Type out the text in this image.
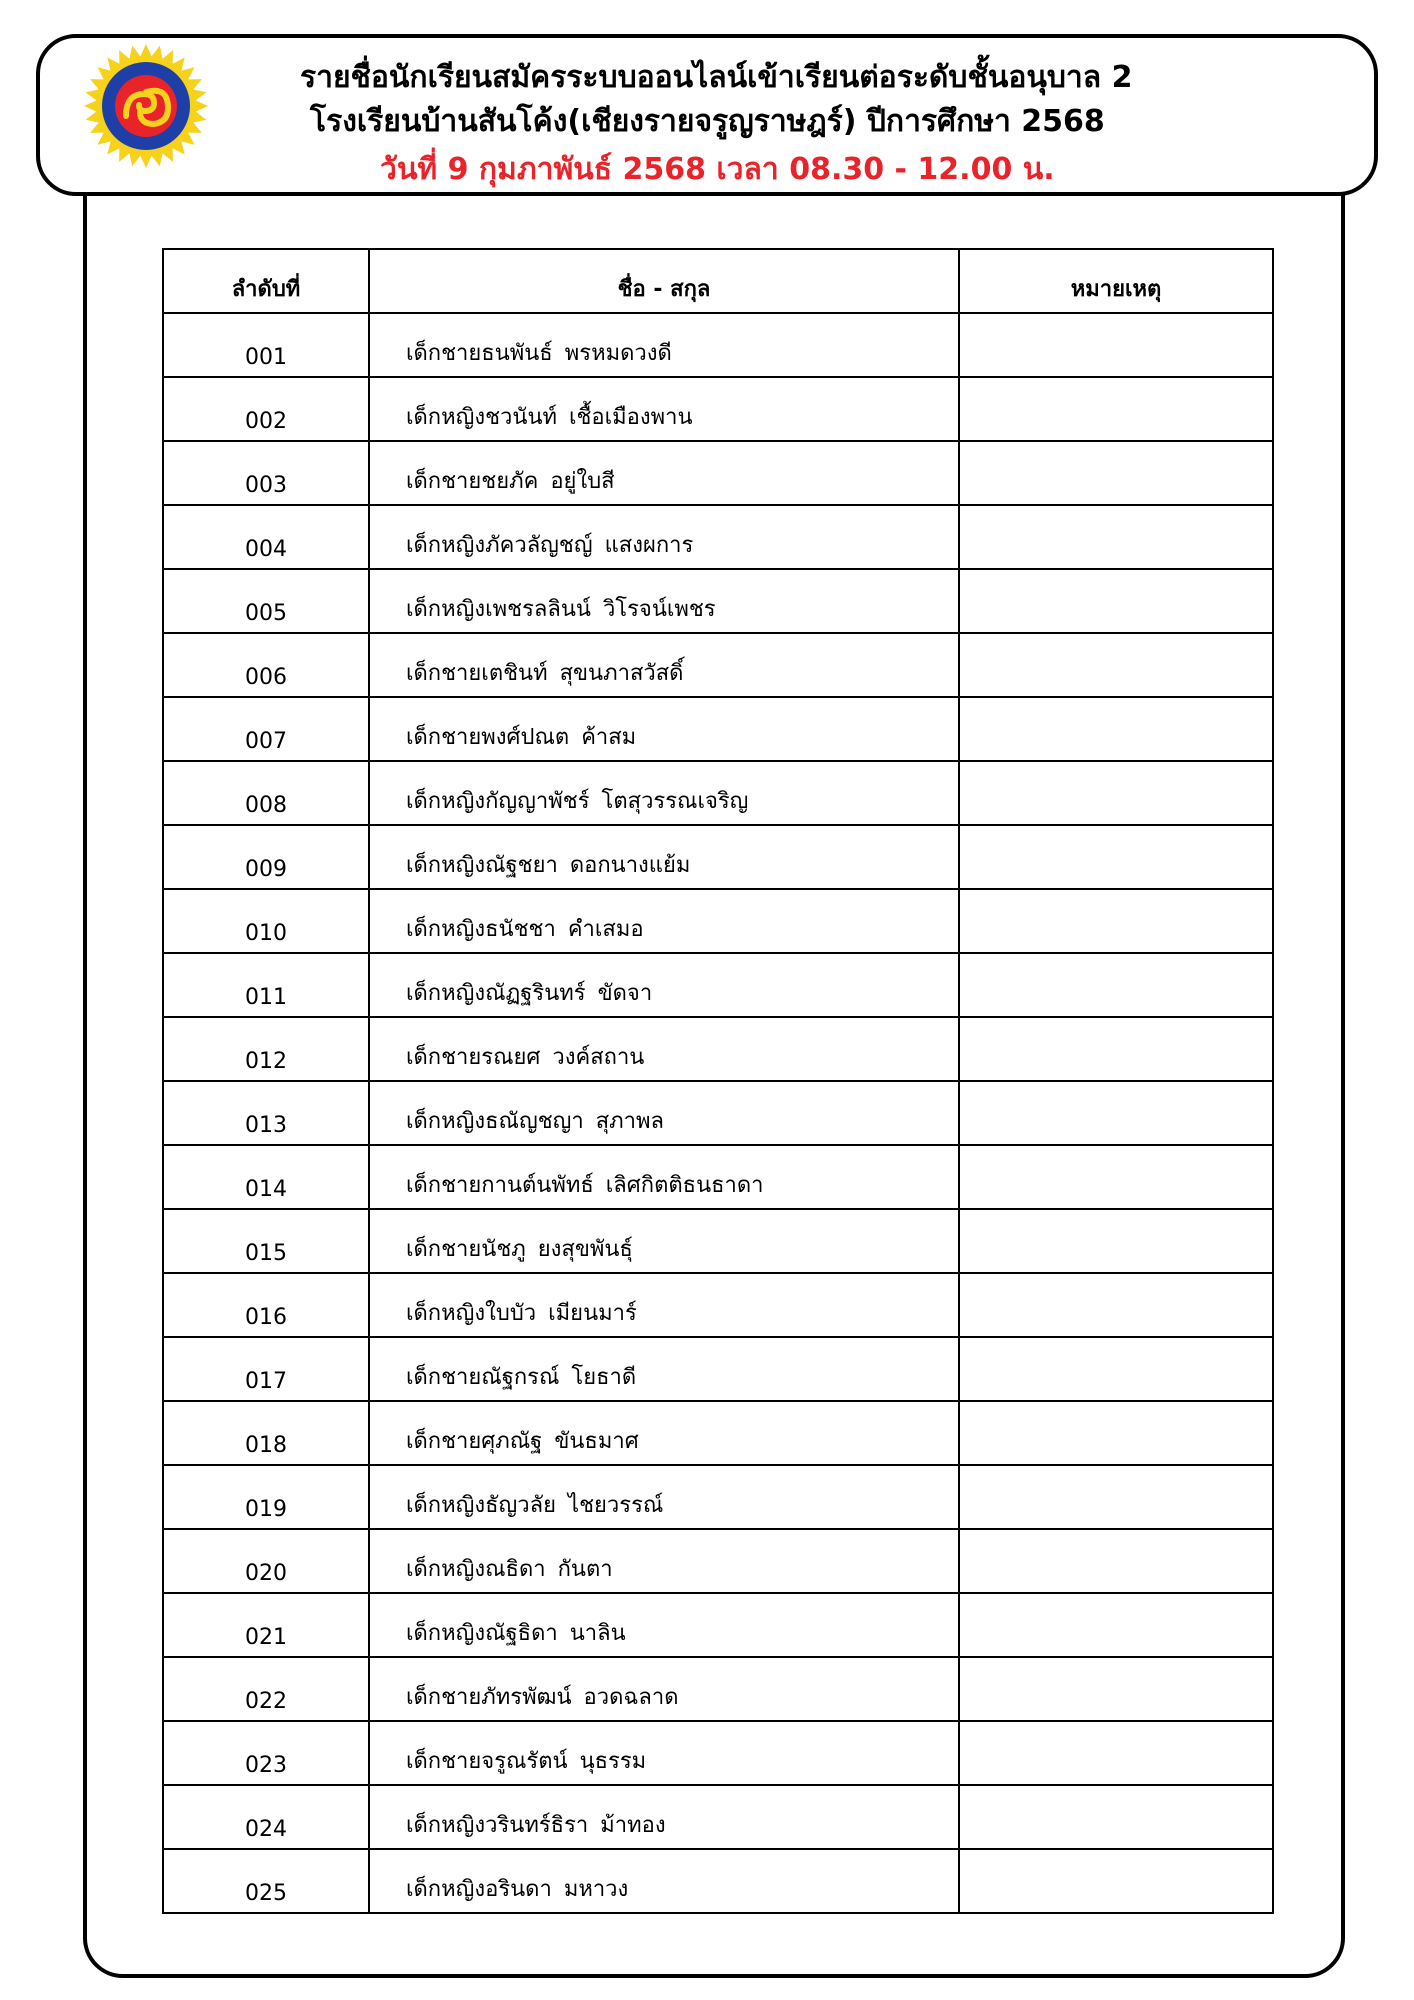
รายชื่อนักเรียนสมัครระบบออนไลน์เข้าเรียนต่อระดับชั้นอนุบาล 2
โรงเรียนบ้านสันโค้ง(เชียงรายจรูญราษฎร์) ปีการศึกษา 2568
วันที่ 9 กุมภาพันธ์ 2568 เวลา 08.30 - 12.00 น.
ลำดับที่	ชื่อ - สกุล	หมายเหตุ
001	เด็กชายธนพันธ์ พรหมดวงดี	
002	เด็กหญิงชวนันท์ เชื้อเมืองพาน	
003	เด็กชายชยภัค อยู่ใบสี	
004	เด็กหญิงภัควลัญชญ์ แสงผการ	
005	เด็กหญิงเพชรลลินน์ วิโรจน์เพชร	
006	เด็กชายเตชินท์ สุขนภาสวัสดิ์	
007	เด็กชายพงศ์ปณต ค้าสม	
008	เด็กหญิงกัญญาพัชร์ โตสุวรรณเจริญ	
009	เด็กหญิงณัฐชยา ดอกนางแย้ม	
010	เด็กหญิงธนัชชา คำเสมอ	
011	เด็กหญิงณัฏฐรินทร์ ขัดจา	
012	เด็กชายรณยศ วงค์สถาน	
013	เด็กหญิงธณัญชญา สุภาพล	
014	เด็กชายกานต์นพัทธ์ เลิศกิตติธนธาดา	
015	เด็กชายนัชภู ยงสุขพันธุ์	
016	เด็กหญิงใบบัว เมียนมาร์	
017	เด็กชายณัฐกรณ์ โยธาดี	
018	เด็กชายศุภณัฐ ขันธมาศ	
019	เด็กหญิงธัญวลัย ไชยวรรณ์	
020	เด็กหญิงณธิดา กันตา	
021	เด็กหญิงณัฐธิดา นาลิน	
022	เด็กชายภัทรพัฒน์ อวดฉลาด	
023	เด็กชายจรูณรัตน์ นุธรรม	
024	เด็กหญิงวรินทร์ธิรา ม้าทอง	
025	เด็กหญิงอรินดา มหาวง	
